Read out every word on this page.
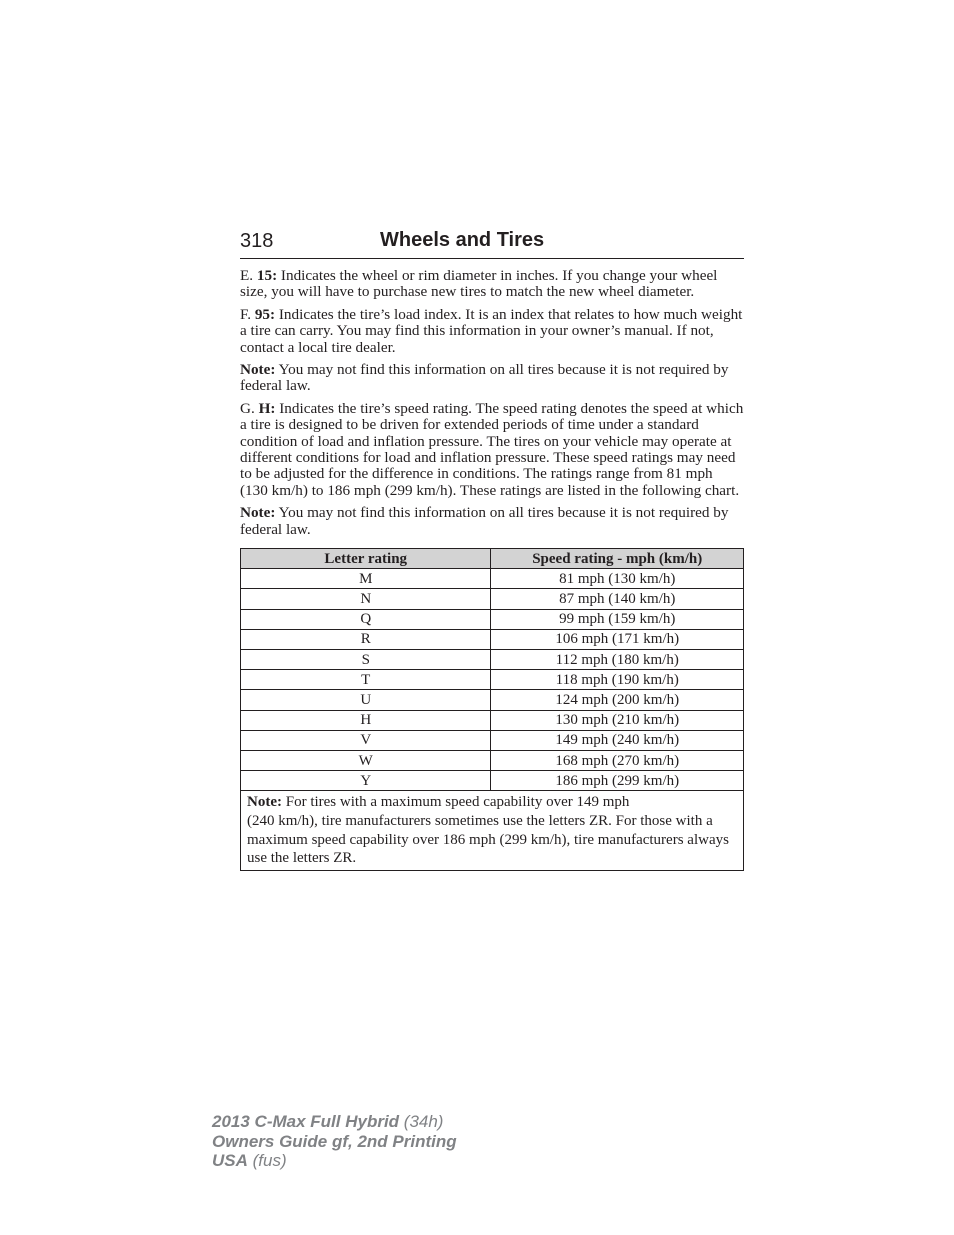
318	Wheels and Tires

E. 15: Indicates the wheel or rim diameter in inches. If you change your wheel size, you will have to purchase new tires to match the new wheel diameter.

F. 95: Indicates the tire’s load index. It is an index that relates to how much weight a tire can carry. You may find this information in your owner’s manual. If not, contact a local tire dealer.

Note: You may not find this information on all tires because it is not required by federal law.

G. H: Indicates the tire’s speed rating. The speed rating denotes the speed at which a tire is designed to be driven for extended periods of time under a standard condition of load and inflation pressure. The tires on your vehicle may operate at different conditions for load and inflation pressure. These speed ratings may need to be adjusted for the difference in conditions. The ratings range from 81 mph (130 km/h) to 186 mph (299 km/h). These ratings are listed in the following chart.

Note: You may not find this information on all tires because it is not required by federal law.

Letter rating	Speed rating - mph (km/h)
M	81 mph (130 km/h)
N	87 mph (140 km/h)
Q	99 mph (159 km/h)
R	106 mph (171 km/h)
S	112 mph (180 km/h)
T	118 mph (190 km/h)
U	124 mph (200 km/h)
H	130 mph (210 km/h)
V	149 mph (240 km/h)
W	168 mph (270 km/h)
Y	186 mph (299 km/h)
Note: For tires with a maximum speed capability over 149 mph
(240 km/h), tire manufacturers sometimes use the letters ZR. For those with a maximum speed capability over 186 mph (299 km/h), tire manufacturers always use the letters ZR.	
2013 C-Max Full Hybrid (34h)
Owners Guide gf, 2nd Printing
USA (fus)
